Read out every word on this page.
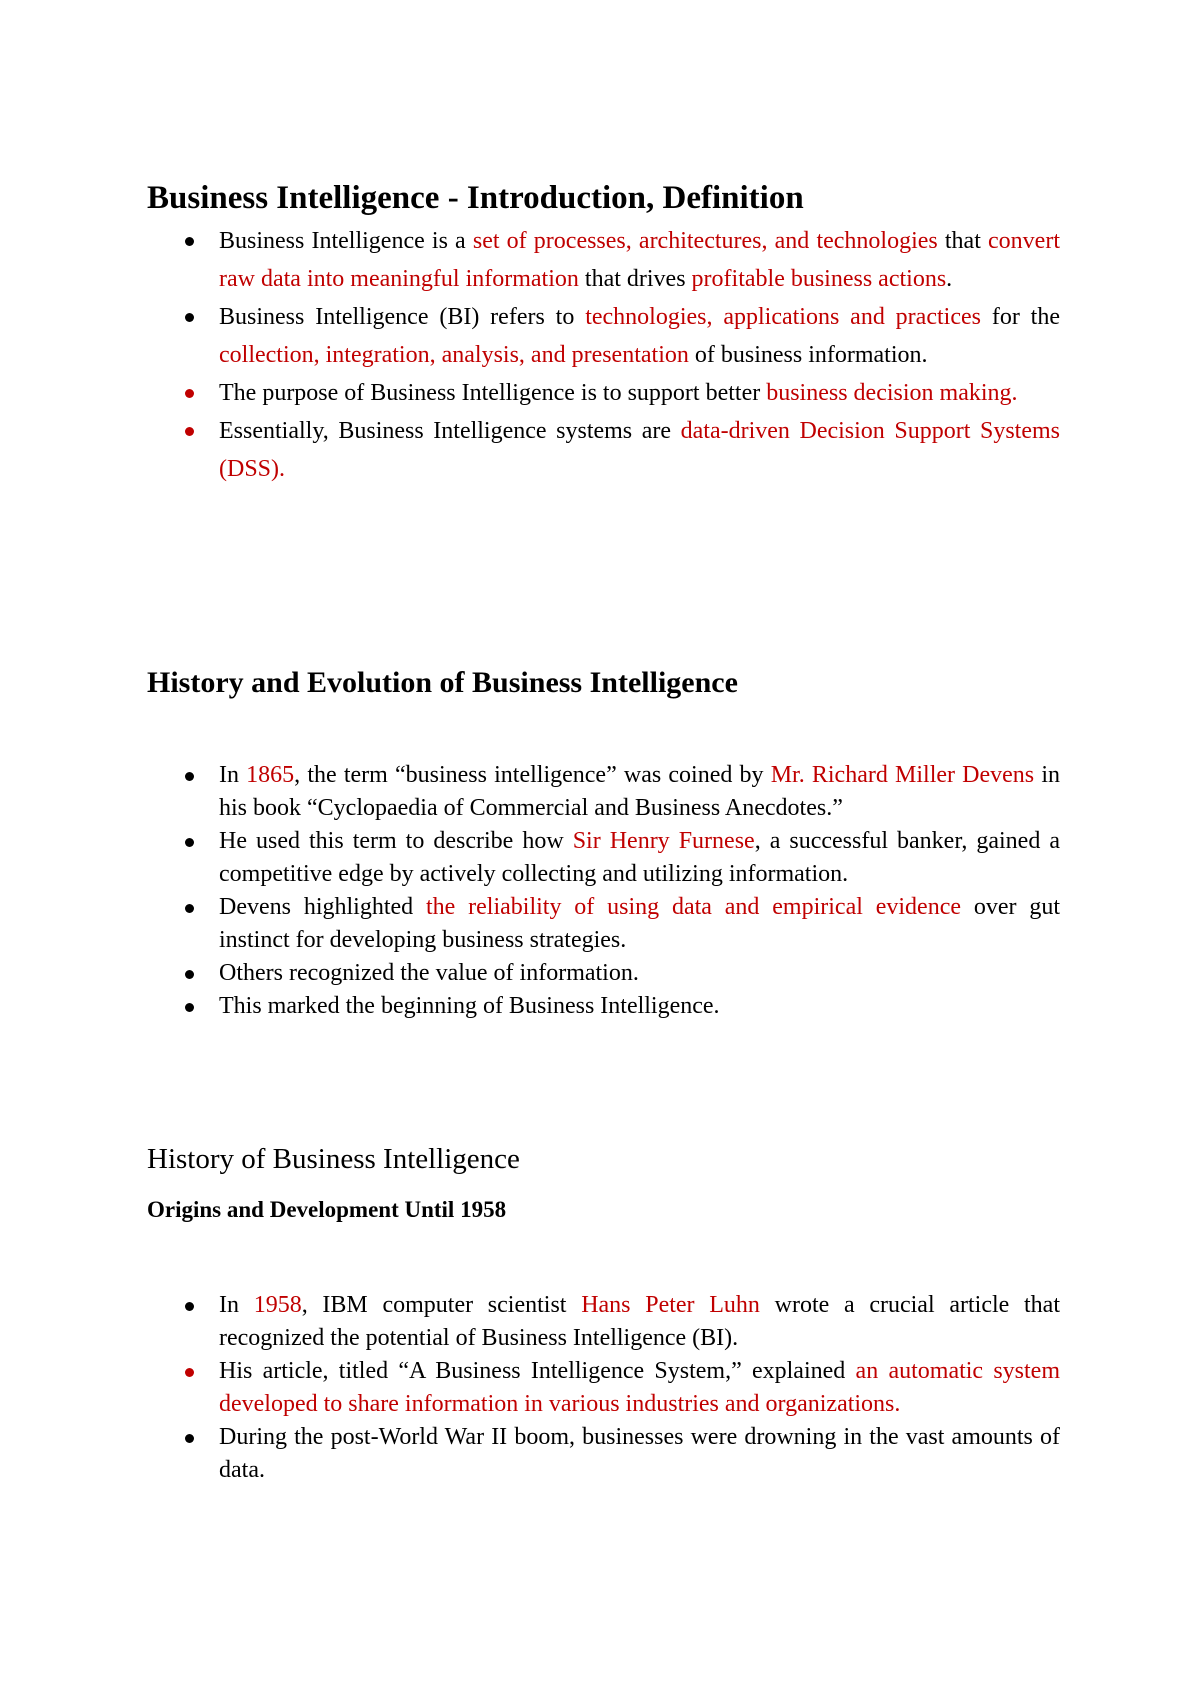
Business Intelligence - Introduction, Definition
Business Intelligence is a set of processes, architectures, and technologies that convert raw data into meaningful information that drives profitable business actions.
Business Intelligence (BI) refers to technologies, applications and practices for the collection, integration, analysis, and presentation of business information.
The purpose of Business Intelligence is to support better business decision making.
Essentially, Business Intelligence systems are data-driven Decision Support Systems (DSS).
History and Evolution of Business Intelligence
In 1865, the term “business intelligence” was coined by Mr. Richard Miller Devens in his book “Cyclopaedia of Commercial and Business Anecdotes.”
He used this term to describe how Sir Henry Furnese, a successful banker, gained a competitive edge by actively collecting and utilizing information.
Devens highlighted the reliability of using data and empirical evidence over gut instinct for developing business strategies.
Others recognized the value of information.
This marked the beginning of Business Intelligence.
History of Business Intelligence
Origins and Development Until 1958
In 1958, IBM computer scientist Hans Peter Luhn wrote a crucial article that recognized the potential of Business Intelligence (BI).
His article, titled “A Business Intelligence System,” explained an automatic system developed to share information in various industries and organizations.
During the post-World War II boom, businesses were drowning in the vast amounts of data.
